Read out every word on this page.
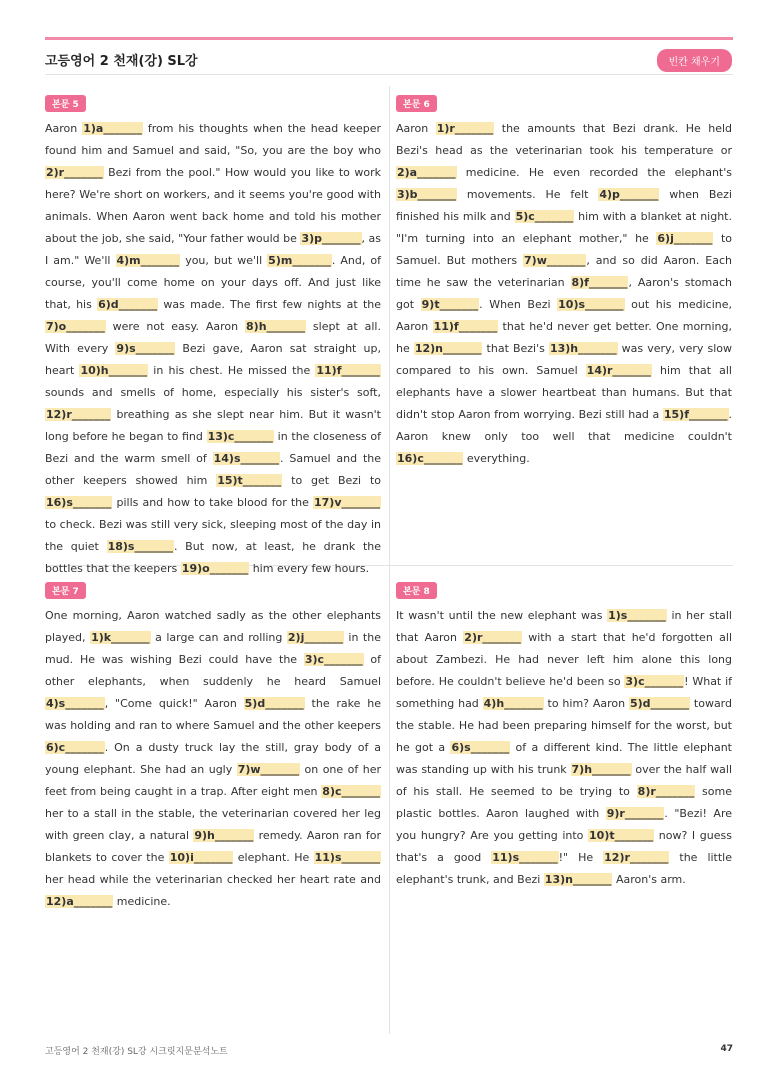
고등영어 2 천재(강) SL강	빈칸 채우기
본문 5
Aaron 1)a_______ from his thoughts when the head keeper found him and Samuel and said, "So, you are the boy who 2)r_______ Bezi from the pool." How would you like to work here? We're short on workers, and it seems you're good with animals. When Aaron went back home and told his mother about the job, she said, "Your father would be 3)p_______, as I am." We'll 4)m_______ you, but we'll 5)m_______. And, of course, you'll come home on your days off. And just like that, his 6)d_______ was made. The first few nights at the 7)o_______ were not easy. Aaron 8)h_______ slept at all. With every 9)s_______ Bezi gave, Aaron sat straight up, heart 10)h_______ in his chest. He missed the 11)f_______ sounds and smells of home, especially his sister's soft, 12)r_______ breathing as she slept near him. But it wasn't long before he began to find 13)c_______ in the closeness of Bezi and the warm smell of 14)s_______. Samuel and the other keepers showed him 15)t_______ to get Bezi to 16)s_______ pills and how to take blood for the 17)v_______ to check. Bezi was still very sick, sleeping most of the day in the quiet 18)s_______. But now, at least, he drank the bottles that the keepers 19)o_______ him every few hours.
본문 6
Aaron 1)r_______ the amounts that Bezi drank. He held Bezi's head as the veterinarian took his temperature or 2)a_______ medicine. He even recorded the elephant's 3)b_______ movements. He felt 4)p_______ when Bezi finished his milk and 5)c_______ him with a blanket at night. "I'm turning into an elephant mother," he 6)j_______ to Samuel. But mothers 7)w_______, and so did Aaron. Each time he saw the veterinarian 8)f_______, Aaron's stomach got 9)t_______. When Bezi 10)s_______ out his medicine, Aaron 11)f_______ that he'd never get better. One morning, he 12)n_______ that Bezi's 13)h_______ was very, very slow compared to his own. Samuel 14)r_______ him that all elephants have a slower heartbeat than humans. But that didn't stop Aaron from worrying. Bezi still had a 15)f_______. Aaron knew only too well that medicine couldn't 16)c_______ everything.
본문 7
One morning, Aaron watched sadly as the other elephants played, 1)k_______ a large can and rolling 2)j_______ in the mud. He was wishing Bezi could have the 3)c_______ of other elephants, when suddenly he heard Samuel 4)s_______, "Come quick!" Aaron 5)d_______ the rake he was holding and ran to where Samuel and the other keepers 6)c_______. On a dusty truck lay the still, gray body of a young elephant. She had an ugly 7)w_______ on one of her feet from being caught in a trap. After eight men 8)c_______ her to a stall in the stable, the veterinarian covered her leg with green clay, a natural 9)h_______ remedy. Aaron ran for blankets to cover the 10)i_______ elephant. He 11)s_______ her head while the veterinarian checked her heart rate and 12)a_______ medicine.
본문 8
It wasn't until the new elephant was 1)s_______ in her stall that Aaron 2)r_______ with a start that he'd forgotten all about Zambezi. He had never left him alone this long before. He couldn't believe he'd been so 3)c_______! What if something had 4)h_______ to him? Aaron 5)d_______ toward the stable. He had been preparing himself for the worst, but he got a 6)s_______ of a different kind. The little elephant was standing up with his trunk 7)h_______ over the half wall of his stall. He seemed to be trying to 8)r_______ some plastic bottles. Aaron laughed with 9)r_______. "Bezi! Are you hungry? Are you getting into 10)t_______ now? I guess that's a good 11)s_______!" He 12)r_______ the little elephant's trunk, and Bezi 13)n_______ Aaron's arm.
고등영어 2 천재(강) SL강 시크릿지문분석노트	47
